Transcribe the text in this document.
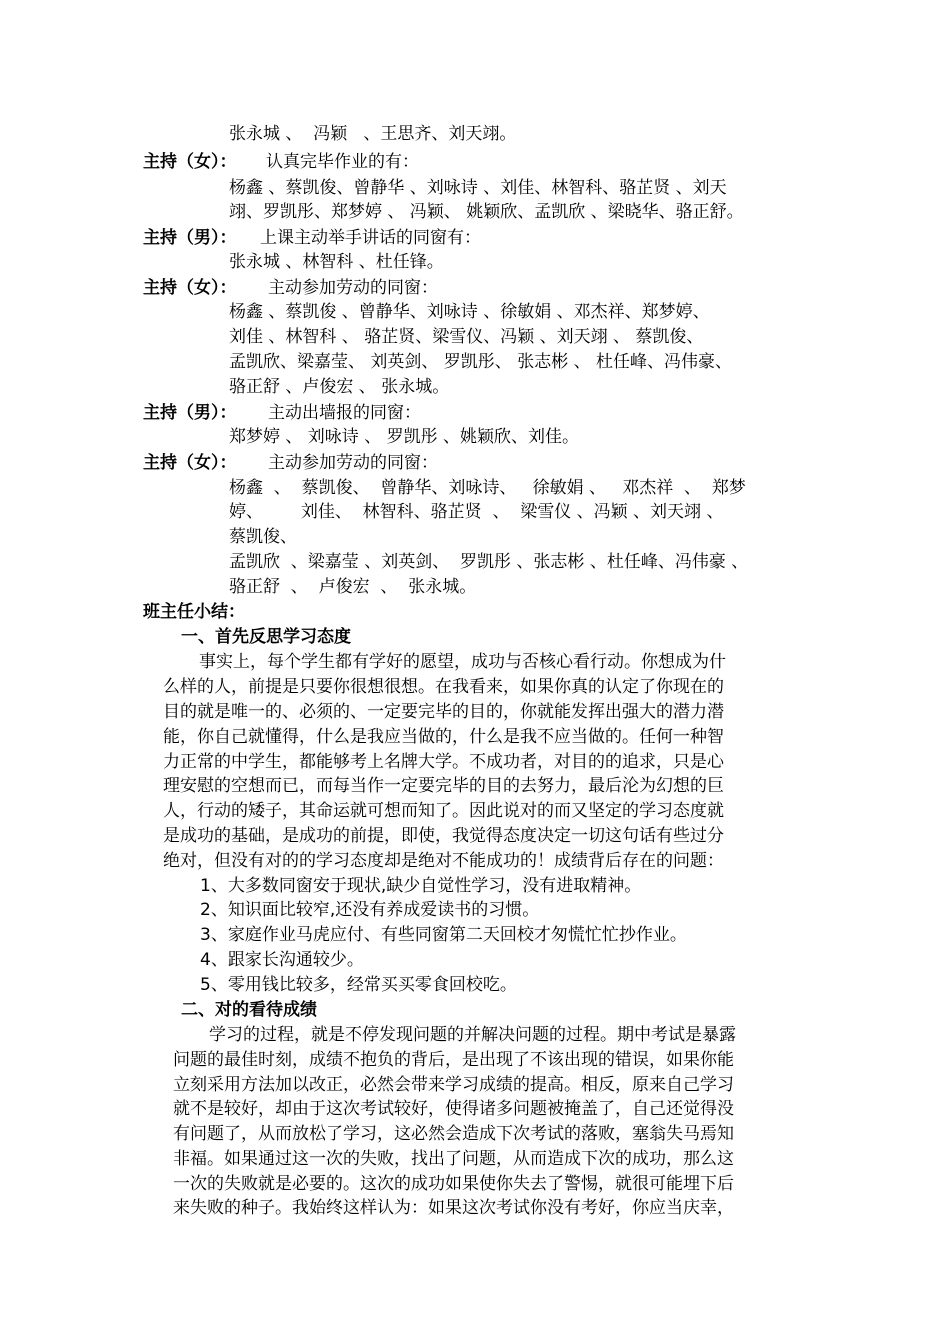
张永城 、  冯颖   、王思齐、刘天翊。
主持（女）： 认真完毕作业的有：
杨鑫 、蔡凯俊、曾静华 、刘咏诗 、刘佳、林智科、骆芷贤 、刘天
翊、罗凯彤、郑梦婷 、 冯颖、 姚颖欣、孟凯欣 、梁晓华、骆正舒。
主持（男）： 上课主动举手讲话的同窗有：
张永城 、林智科 、杜任锋。
主持（女）： 主动参加劳动的同窗：
杨鑫 、蔡凯俊 、曾静华、刘咏诗 、徐敏娟 、邓杰祥、郑梦婷、
刘佳 、林智科 、 骆芷贤、梁雪仪、冯颖 、刘天翊 、 蔡凯俊、
孟凯欣、梁嘉莹、 刘英剑、 罗凯彤、 张志彬 、 杜任峰、冯伟豪、
骆正舒 、卢俊宏 、 张永城。
主持（男）： 主动出墙报的同窗：
郑梦婷 、 刘咏诗 、 罗凯彤 、姚颖欣、刘佳。
主持（女）： 主动参加劳动的同窗：
杨鑫  、  蔡凯俊、  曾静华、刘咏诗、   徐敏娟 、   邓杰祥  、  郑梦
婷、       刘佳、  林智科、骆芷贤  、  梁雪仪 、冯颖 、刘天翊 、
蔡凯俊、
孟凯欣  、梁嘉莹 、刘英剑、  罗凯彤 、张志彬 、杜任峰、冯伟豪 、
骆正舒  、  卢俊宏  、  张永城。
班主任小结：
一、首先反思学习态度
事实上，每个学生都有学好的愿望，成功与否核心看行动。你想成为什
么样的人，前提是只要你很想很想。在我看来，如果你真的认定了你现在的
目的就是唯一的、必须的、一定要完毕的目的，你就能发挥出强大的潜力潜
能，你自己就懂得，什么是我应当做的，什么是我不应当做的。任何一种智
力正常的中学生，都能够考上名牌大学。不成功者，对目的的追求，只是心
理安慰的空想而已，而每当作一定要完毕的目的去努力，最后沦为幻想的巨
人，行动的矮子，其命运就可想而知了。因此说对的而又坚定的学习态度就
是成功的基础，是成功的前提，即使，我觉得态度决定一切这句话有些过分
绝对，但没有对的的学习态度却是绝对不能成功的！成绩背后存在的问题：
1、大多数同窗安于现状,缺少自觉性学习，没有进取精神。
2、知识面比较窄,还没有养成爱读书的习惯。
3、家庭作业马虎应付、有些同窗第二天回校才匆慌忙忙抄作业。
4、跟家长沟通较少。
5、零用钱比较多，经常买买零食回校吃。
二、对的看待成绩
学习的过程，就是不停发现问题的并解决问题的过程。期中考试是暴露
问题的最佳时刻，成绩不抱负的背后，是出现了不该出现的错误，如果你能
立刻采用方法加以改正，必然会带来学习成绩的提高。相反，原来自己学习
就不是较好，却由于这次考试较好，使得诸多问题被掩盖了，自己还觉得没
有问题了，从而放松了学习，这必然会造成下次考试的落败，塞翁失马焉知
非福。如果通过这一次的失败，找出了问题，从而造成下次的成功，那么这
一次的失败就是必要的。这次的成功如果使你失去了警惕，就很可能埋下后
来失败的种子。我始终这样认为：如果这次考试你没有考好，你应当庆幸，
